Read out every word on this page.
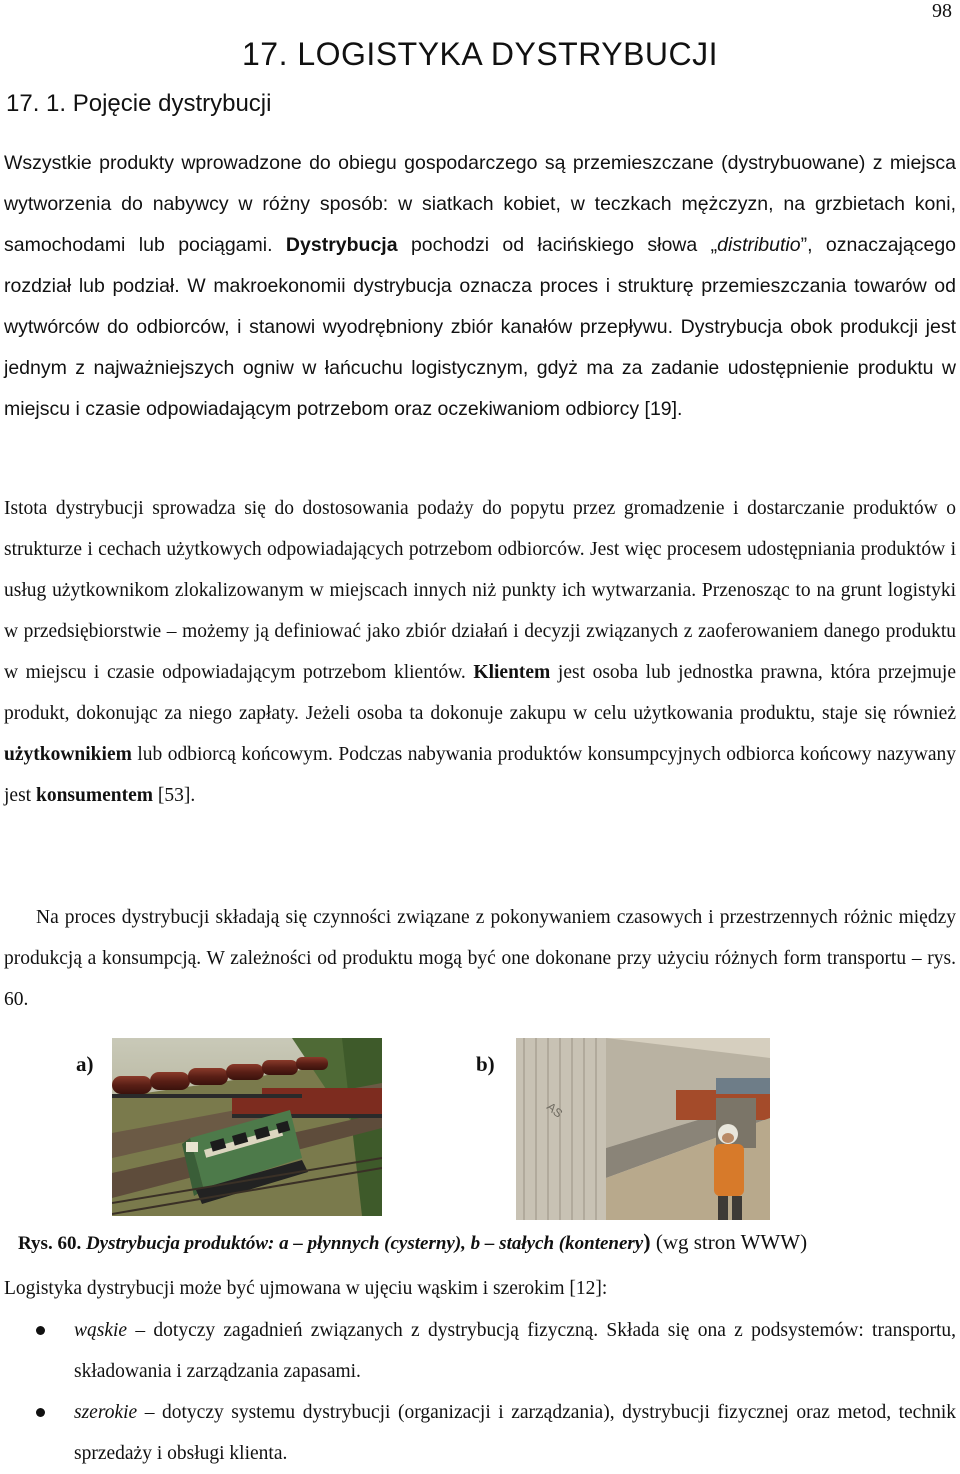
98
17. LOGISTYKA DYSTRYBUCJI
17. 1. Pojęcie dystrybucji
Wszystkie produkty wprowadzone do obiegu gospodarczego są przemieszczane (dystrybuowane) z miejsca wytworzenia do nabywcy w różny sposób: w siatkach kobiet, w teczkach mężczyzn, na grzbietach koni, samochodami lub pociągami. Dystrybucja pochodzi od łacińskiego słowa „distributio”, oznaczającego rozdział lub podział. W makroekonomii dystrybucja oznacza proces i strukturę przemieszczania towarów od wytwórców do odbiorców, i stanowi wyodrębniony zbiór kanałów przepływu. Dystrybucja obok produkcji jest jednym z najważniejszych ogniw w łańcuchu logistycznym, gdyż ma za zadanie udostępnienie produktu w miejscu i czasie odpowiadającym potrzebom oraz oczekiwaniom odbiorcy [19].
Istota dystrybucji sprowadza się do dostosowania podaży do popytu przez gromadzenie i dostarczanie produktów o strukturze i cechach użytkowych odpowiadających potrzebom odbiorców. Jest więc procesem udostępniania produktów i usług użytkownikom zlokalizowanym w miejscach innych niż punkty ich wytwarzania. Przenosząc to na grunt logistyki w przedsiębiorstwie – możemy ją definiować jako zbiór działań i decyzji związanych z zaoferowaniem danego produktu w miejscu i czasie odpowiadającym potrzebom klientów. Klientem jest osoba lub jednostka prawna, która przejmuje produkt, dokonując za niego zapłaty. Jeżeli osoba ta dokonuje zakupu w celu użytkowania produktu, staje się również użytkownikiem lub odbiorcą końcowym. Podczas nabywania produktów konsumpcyjnych odbiorca końcowy nazywany jest konsumentem [53].
Na proces dystrybucji składają się czynności związane z pokonywaniem czasowych i przestrzennych różnic między produkcją a konsumpcją. W zależności od produktu mogą być one dokonane przy użyciu różnych form transportu – rys. 60.
a)	b)
AS
Rys. 60. Dystrybucja produktów: a – płynnych (cysterny), b – stałych (kontenery) (wg stron WWW)
Logistyka dystrybucji może być ujmowana w ujęciu wąskim i szerokim [12]:
wąskie – dotyczy zagadnień związanych z dystrybucją fizyczną. Składa się ona z podsystemów: transportu, składowania i zarządzania zapasami.
szerokie – dotyczy systemu dystrybucji (organizacji i zarządzania), dystrybucji fizycznej oraz metod, technik sprzedaży i obsługi klienta.
